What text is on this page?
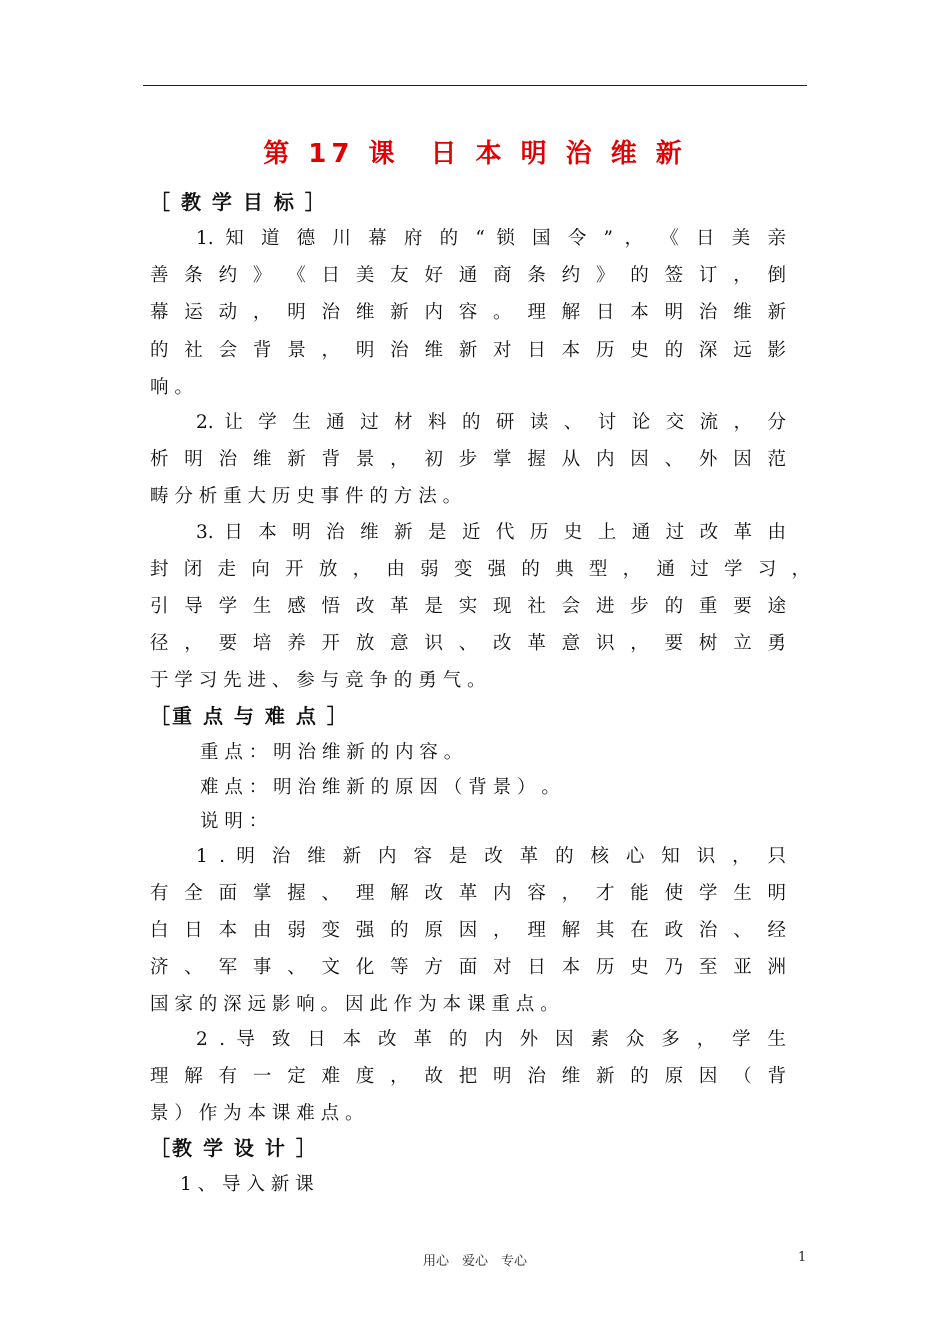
第 17 课　日 本 明 治 维 新
［ 教 学 目 标 ］
1. 知 道 德 川 幕 府 的 “ 锁 国 令 ” ， 《 日 美 亲
善 条 约 》 《 日 美 友 好 通 商 条 约 》 的 签 订 ， 倒
幕 运 动 ， 明 治 维 新 内 容 。 理 解 日 本 明 治 维 新
的 社 会 背 景 ， 明 治 维 新 对 日 本 历 史 的 深 远 影
响 。
2. 让 学 生 通 过 材 料 的 研 读 、 讨 论 交 流 ， 分
析 明 治 维 新 背 景 ， 初 步 掌 握 从 内 因 、 外 因 范
畴 分 析 重 大 历 史 事 件 的 方 法 。
3. 日 本 明 治 维 新 是 近 代 历 史 上 通 过 改 革 由
封 闭 走 向 开 放 ， 由 弱 变 强 的 典 型 ， 通 过 学 习 ，
引 导 学 生 感 悟 改 革 是 实 现 社 会 进 步 的 重 要 途
径 ， 要 培 养 开 放 意 识 、 改 革 意 识 ， 要 树 立 勇
于 学 习 先 进 、 参 与 竞 争 的 勇 气 。
［重 点 与 难 点 ］
重 点 ： 明 治 维 新 的 内 容 。
难 点 ： 明 治 维 新 的 原 因 （ 背 景 ） 。
说 明 ：
1 . 明 治 维 新 内 容 是 改 革 的 核 心 知 识 ， 只
有 全 面 掌 握 、 理 解 改 革 内 容 ， 才 能 使 学 生 明
白 日 本 由 弱 变 强 的 原 因 ， 理 解 其 在 政 治 、 经
济 、 军 事 、 文 化 等 方 面 对 日 本 历 史 乃 至 亚 洲
国 家 的 深 远 影 响 。 因 此 作 为 本 课 重 点 。
2 . 导 致 日 本 改 革 的 内 外 因 素 众 多 ， 学 生
理 解 有 一 定 难 度 ， 故 把 明 治 维 新 的 原 因 （ 背
景 ） 作 为 本 课 难 点 。
［教 学 设 计 ］
1 、 导 入 新 课
用心　爱心　专心	1
